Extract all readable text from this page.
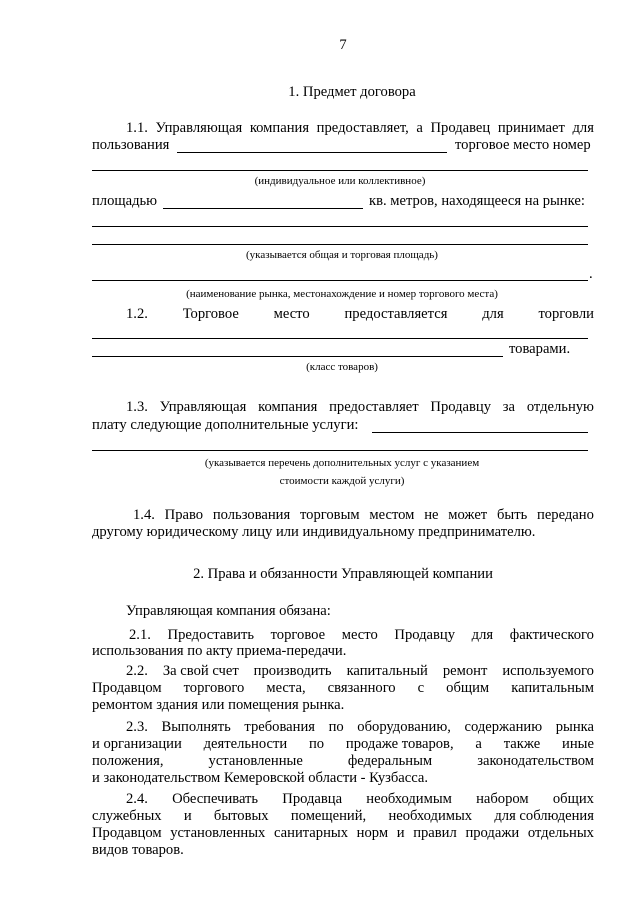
7
1. Предмет договора
1.1. Управляющая компания предоставляет, а Продавец принимает для
пользования	торговое место номер
(индивидуальное или коллективное)
площадью	кв. метров, находящееся на рынке:
(указывается общая и торговая площадь)
.
(наименование рынка, местонахождение и номер торгового места)
1.2. Торговое место предоставляется для торговли
товарами.
(класс товаров)
1.3. Управляющая компания предоставляет Продавцу за отдельную
плату следующие дополнительные услуги:
(указывается перечень дополнительных услуг с указанием
стоимости каждой услуги)
1.4. Право пользования торговым местом не может быть передано
другому юридическому лицу или индивидуальному предпринимателю.
2. Права и обязанности Управляющей компании
Управляющая компания обязана:
2.1. Предоставить торговое место Продавцу для фактического
использования по акту приема-передачи.
2.2. За свой счет производить капитальный ремонт используемого
Продавцом торгового места, связанного с общим капитальным
ремонтом здания или помещения рынка.
2.3. Выполнять требования по оборудованию, содержанию рынка
и организации деятельности по продаже товаров, а также иные
положения,	установленные	федеральным	законодательством
и законодательством Кемеровской области - Кузбасса.
2.4. Обеспечивать Продавца необходимым набором общих
служебных и бытовых помещений, необходимых для соблюдения
Продавцом установленных санитарных норм и правил продажи отдельных
видов товаров.
